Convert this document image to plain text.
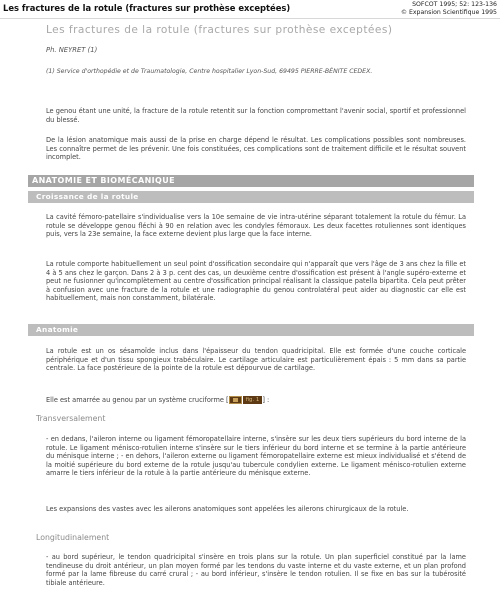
Les fractures de la rotule (fractures sur prothèse exceptées)	SOFCOT 1995; 52: 123-136
© Expansion Scientifique 1995
Les fractures de la rotule (fractures sur prothèse exceptées)
Ph. NEYRET (1)
(1) Service d'orthopédie et de Traumatologie, Centre hospitalier Lyon-Sud, 69495 PIERRE-BÉNITE CEDEX.

Le genou étant une unité, la fracture de la rotule retentit sur la fonction compromettant l'avenir social, sportif et professionnel du blessé.

De la lésion anatomique mais aussi de la prise en charge dépend le résultat. Les complications possibles sont nombreuses. Les connaître permet de les prévenir. Une fois constituées, ces complications sont de traitement difficile et le résultat souvent incomplet.

ANATOMIE ET BIOMÉCANIQUE
Croissance de la rotule

La cavité fémoro-patellaire s'individualise vers la 10e semaine de vie intra-utérine séparant totalement la rotule du fémur. La rotule se développe genou fléchi à 90 en relation avec les condyles fémoraux. Les deux facettes rotuliennes sont identiques puis, vers la 23e semaine, la face externe devient plus large que la face interne.

La rotule comporte habituellement un seul point d'ossification secondaire qui n'apparaît que vers l'âge de 3 ans chez la fille et 4 à 5 ans chez le garçon. Dans 2 à 3 p. cent des cas, un deuxième centre d'ossification est présent à l'angle supéro-externe et peut ne fusionner qu'incomplètement au centre d'ossification principal réalisant la classique patella bipartita. Cela peut prêter à confusion avec une fracture de la rotule et une radiographie du genou controlatéral peut aider au diagnostic car elle est habituellement, mais non constamment, bilatérale.

Anatomie

La rotule est un os sésamoïde inclus dans l'épaisseur du tendon quadricipital. Elle est formée d'une couche corticale périphérique et d'un tissu spongieux trabéculaire. Le cartilage articulaire est particulièrement épais : 5 mm dans sa partie centrale. La face postérieure de la pointe de la rotule est dépourvue de cartilage.

Elle est amarrée au genou par un système cruciforme [	fig. 1 ] :

Transversalement

- en dedans, l'aileron interne ou ligament fémoropatellaire interne, s'insère sur les deux tiers supérieurs du bord interne de la rotule. Le ligament ménisco-rotulien interne s'insère sur le tiers inférieur du bord interne et se termine à la partie antérieure du ménisque interne ; - en dehors, l'aileron externe ou ligament fémoropatellaire externe est mieux individualisé et s'étend de la moitié supérieure du bord externe de la rotule jusqu'au tubercule condylien externe. Le ligament ménisco-rotulien externe amarre le tiers inférieur de la rotule à la partie antérieure du ménisque externe.

Les expansions des vastes avec les ailerons anatomiques sont appelées les ailerons chirurgicaux de la rotule.

Longitudinalement

- au bord supérieur, le tendon quadricipital s'insère en trois plans sur la rotule. Un plan superficiel constitué par la lame tendineuse du droit antérieur, un plan moyen formé par les tendons du vaste interne et du vaste externe, et un plan profond formé par la lame fibreuse du carré crural ; - au bord inférieur, s'insère le tendon rotulien. Il se fixe en bas sur la tubérosité tibiale antérieure.
